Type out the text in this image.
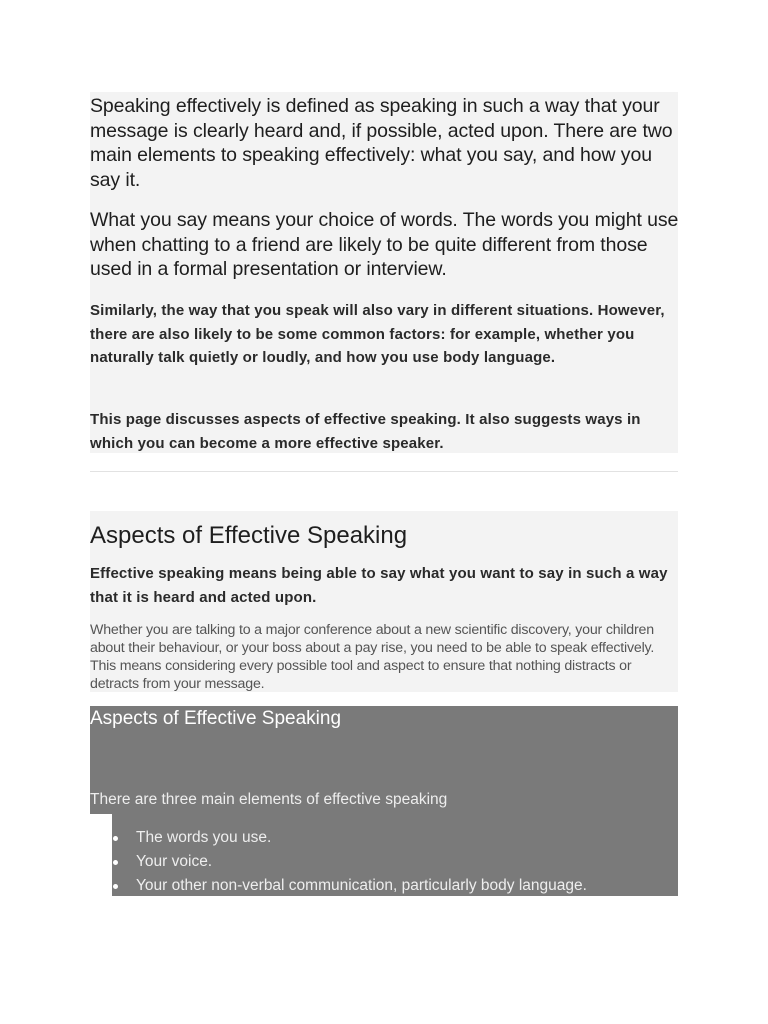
Speaking effectively is defined as speaking in such a way that your message is clearly heard and, if possible, acted upon. There are two main elements to speaking effectively: what you say, and how you say it.

What you say means your choice of words. The words you might use when chatting to a friend are likely to be quite different from those used in a formal presentation or interview.

Similarly, the way that you speak will also vary in different situations. However, there are also likely to be some common factors: for example, whether you naturally talk quietly or loudly, and how you use body language.

This page discusses aspects of effective speaking. It also suggests ways in which you can become a more effective speaker.

Aspects of Effective Speaking

Effective speaking means being able to say what you want to say in such a way that it is heard and acted upon.

Whether you are talking to a major conference about a new scientific discovery, your children about their behaviour, or your boss about a pay rise, you need to be able to speak effectively. This means considering every possible tool and aspect to ensure that nothing distracts or detracts from your message.

Aspects of Effective Speaking

There are three main elements of effective speaking

The words you use.
Your voice.
Your other non-verbal communication, particularly body language.
